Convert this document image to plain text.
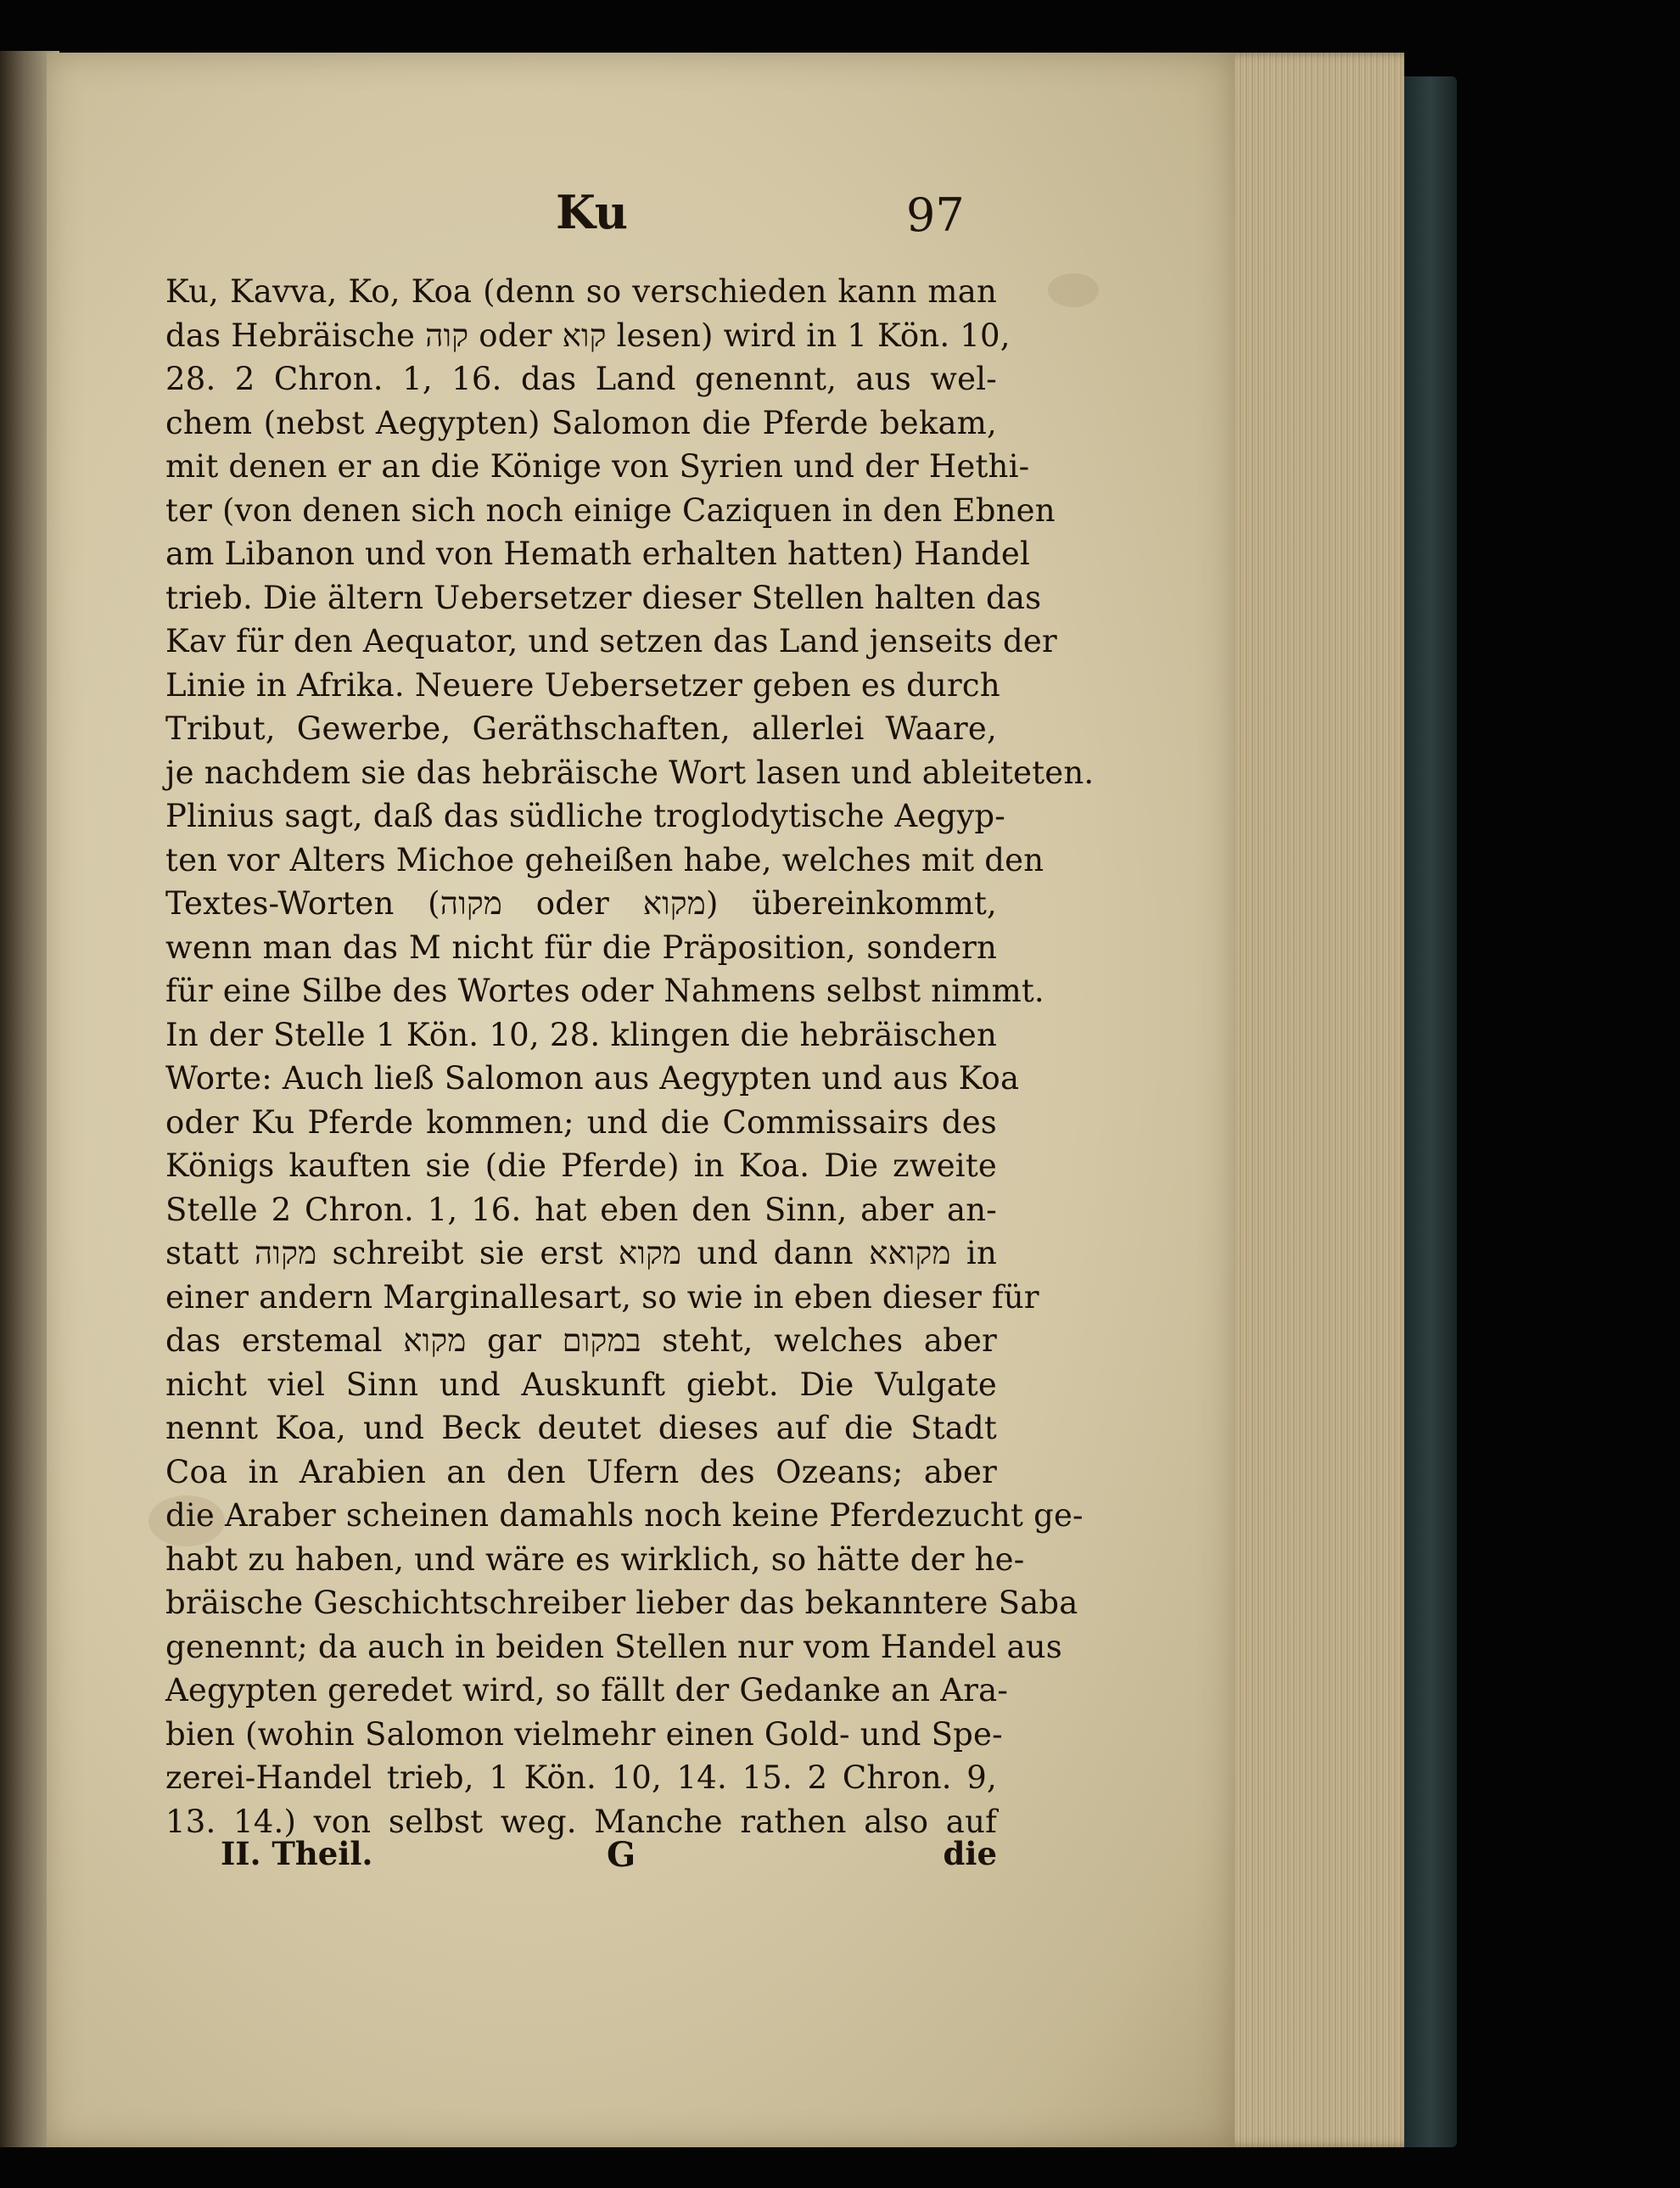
Ku	97
Ku, Kavva, Ko, Koa (denn so verschieden kann man
das Hebräische קוה oder קוא lesen) wird in 1 Kön. 10,
28. 2 Chron. 1, 16. das Land genennt, aus wel-
chem (nebst Aegypten) Salomon die Pferde bekam,
mit denen er an die Könige von Syrien und der Hethi-
ter (von denen sich noch einige Caziquen in den Ebnen
am Libanon und von Hemath erhalten hatten) Handel
trieb. Die ältern Uebersetzer dieser Stellen halten das
Kav für den Aequator, und setzen das Land jenseits der
Linie in Afrika. Neuere Uebersetzer geben es durch
Tribut, Gewerbe, Geräthschaften, allerlei Waare,
je nachdem sie das hebräische Wort lasen und ableiteten.
Plinius sagt, daß das südliche troglodytische Aegyp-
ten vor Alters Michoe geheißen habe, welches mit den
Textes-Worten (מקוה oder מקוא) übereinkommt,
wenn man das M nicht für die Präposition, sondern
für eine Silbe des Wortes oder Nahmens selbst nimmt.
In der Stelle 1 Kön. 10, 28. klingen die hebräischen
Worte: Auch ließ Salomon aus Aegypten und aus Koa
oder Ku Pferde kommen; und die Commissairs des
Königs kauften sie (die Pferde) in Koa. Die zweite
Stelle 2 Chron. 1, 16. hat eben den Sinn, aber an-
statt מקוה schreibt sie erst מקוא und dann מקואא in
einer andern Marginallesart, so wie in eben dieser für
das erstemal מקוא gar במקום steht, welches aber
nicht viel Sinn und Auskunft giebt. Die Vulgate
nennt Koa, und Beck deutet dieses auf die Stadt
Coa in Arabien an den Ufern des Ozeans; aber
die Araber scheinen damahls noch keine Pferdezucht ge-
habt zu haben, und wäre es wirklich, so hätte der he-
bräische Geschichtschreiber lieber das bekanntere Saba
genennt; da auch in beiden Stellen nur vom Handel aus
Aegypten geredet wird, so fällt der Gedanke an Ara-
bien (wohin Salomon vielmehr einen Gold- und Spe-
zerei-Handel trieb, 1 Kön. 10, 14. 15. 2 Chron. 9,
13. 14.) von selbst weg. Manche rathen also auf
II. Theil.	G	die
